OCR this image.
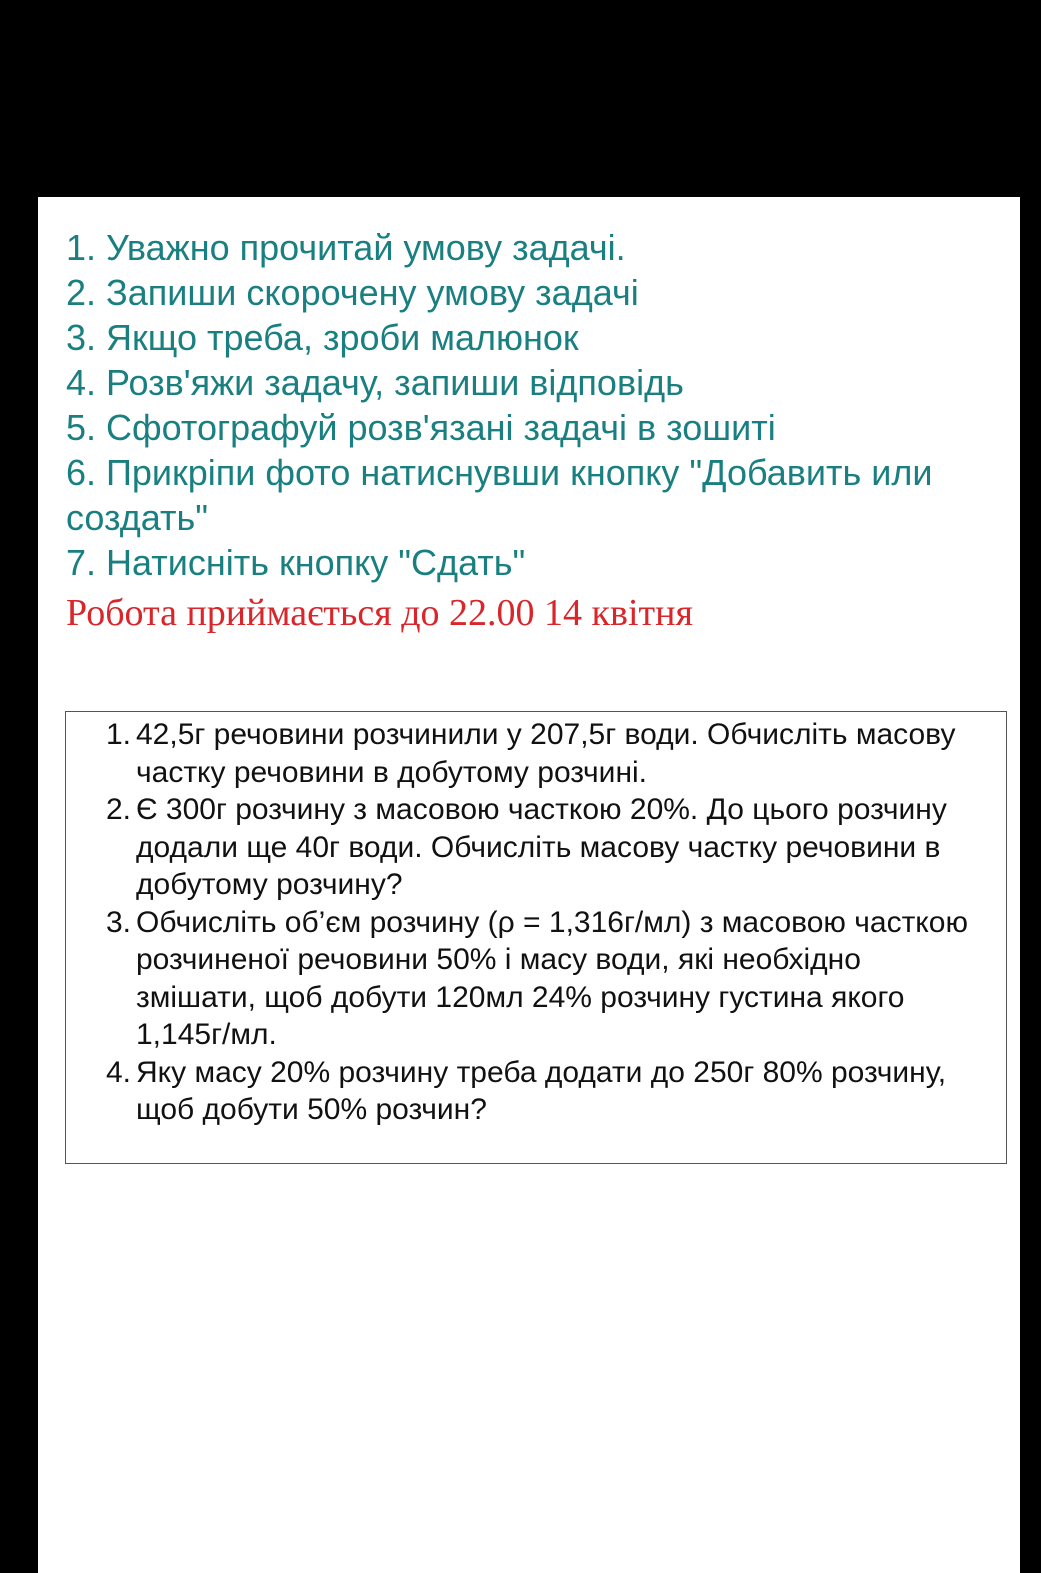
1. Уважно прочитай умову задачі.
2. Запиши скорочену умову задачі
3. Якщо треба, зроби малюнок
4. Розв'яжи задачу, запиши відповідь
5. Сфотографуй розв'язані задачі в зошиті
6. Прикріпи фото натиснувши кнопку "Добавить или создать"
7. Натисніть кнопку "Сдать"

Робота приймається до 22.00 14 квітня

1. 42,5г речовини розчинили у 207,5г води. Обчисліть масову частку речовини в добутому розчині.
2. Є 300г розчину з масовою часткою 20%. До цього розчину додали ще 40г води. Обчисліть масову частку речовини в добутому розчину?
3. Обчисліть об’єм розчину (ρ = 1,316г/мл) з масовою часткою розчиненої речовини 50% і масу води, які необхідно змішати, щоб добути 120мл 24% розчину густина якого 1,145г/мл.
4. Яку масу 20% розчину треба додати до 250г 80% розчину, щоб добути 50% розчин?
